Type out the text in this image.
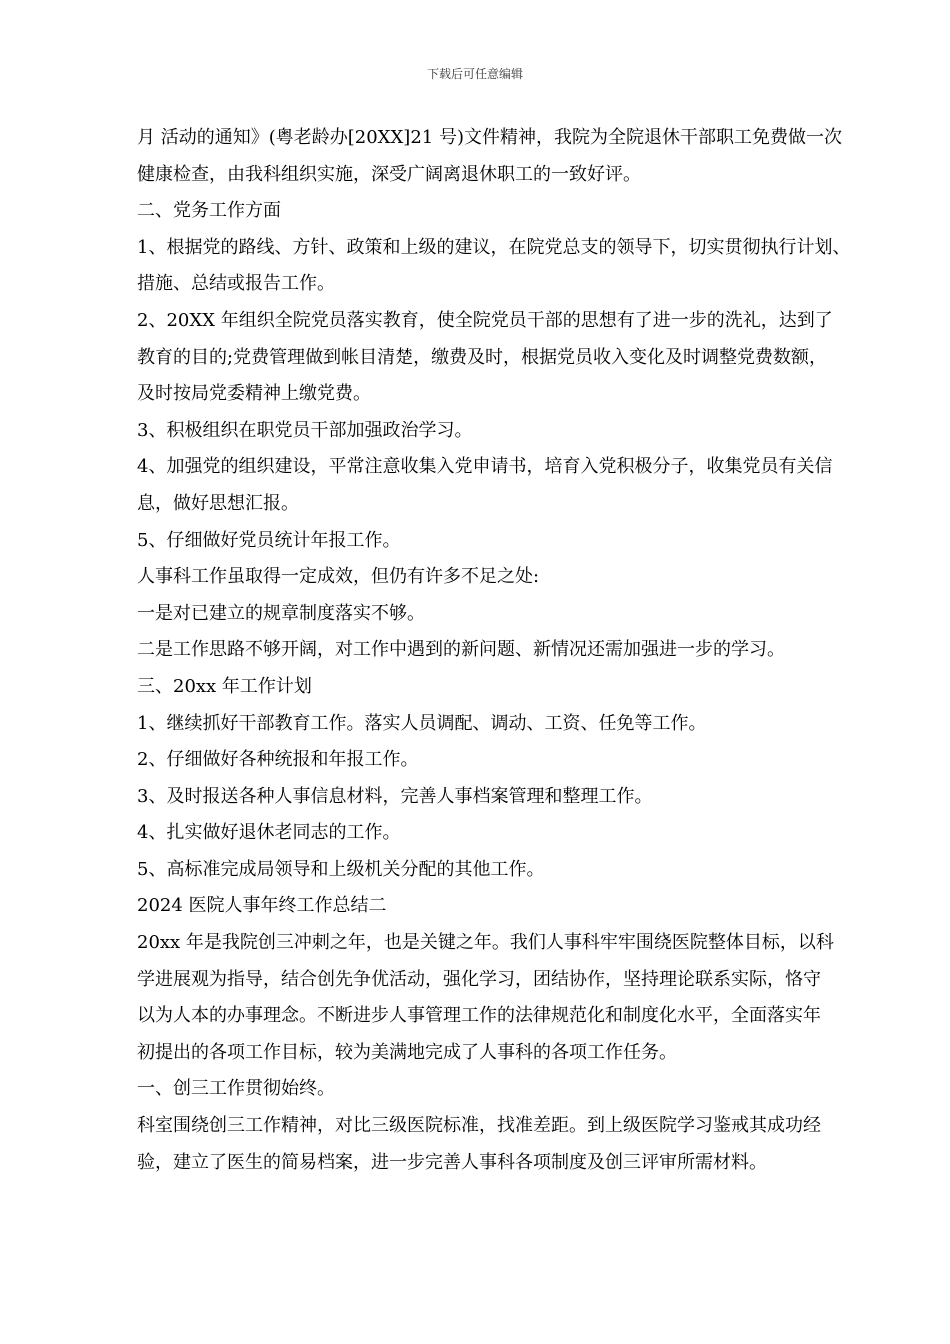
下载后可任意编辑
月 活动的通知》(粤老龄办[20XX]21 号)文件精神，我院为全院退休干部职工免费做一次
健康检查，由我科组织实施，深受广阔离退休职工的一致好评。
二、党务工作方面
1、根据党的路线、方针、政策和上级的建议，在院党总支的领导下，切实贯彻执行计划、
措施、总结或报告工作。
2、20XX 年组织全院党员落实教育，使全院党员干部的思想有了进一步的洗礼，达到了
教育的目的;党费管理做到帐目清楚，缴费及时，根据党员收入变化及时调整党费数额，
及时按局党委精神上缴党费。
3、积极组织在职党员干部加强政治学习。
4、加强党的组织建设，平常注意收集入党申请书，培育入党积极分子，收集党员有关信
息，做好思想汇报。
5、仔细做好党员统计年报工作。
人事科工作虽取得一定成效，但仍有许多不足之处:
一是对已建立的规章制度落实不够。
二是工作思路不够开阔，对工作中遇到的新问题、新情况还需加强进一步的学习。
三、20xx 年工作计划
1、继续抓好干部教育工作。落实人员调配、调动、工资、任免等工作。
2、仔细做好各种统报和年报工作。
3、及时报送各种人事信息材料，完善人事档案管理和整理工作。
4、扎实做好退休老同志的工作。
5、高标准完成局领导和上级机关分配的其他工作。
2024 医院人事年终工作总结二
20xx 年是我院创三冲刺之年，也是关键之年。我们人事科牢牢围绕医院整体目标，以科
学进展观为指导，结合创先争优活动，强化学习，团结协作，坚持理论联系实际，恪守
以为人本的办事理念。不断进步人事管理工作的法律规范化和制度化水平，全面落实年
初提出的各项工作目标，较为美满地完成了人事科的各项工作任务。
一、创三工作贯彻始终。
科室围绕创三工作精神，对比三级医院标准，找准差距。到上级医院学习鉴戒其成功经
验，建立了医生的简易档案，进一步完善人事科各项制度及创三评审所需材料。
